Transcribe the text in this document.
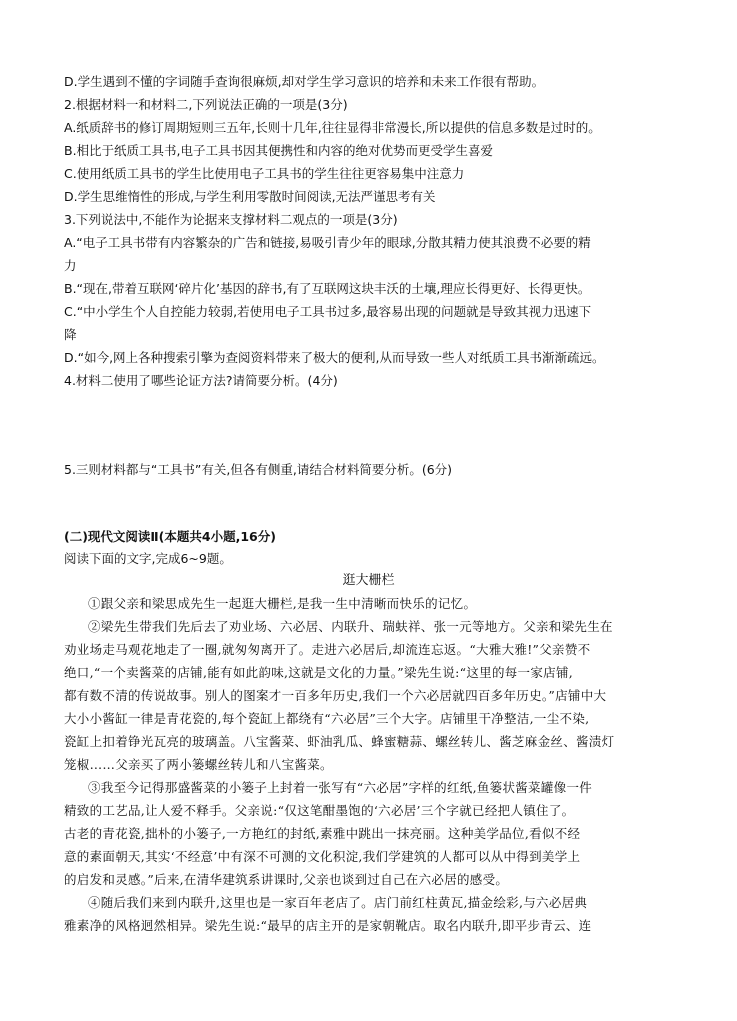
D.学生遇到不懂的字词随手查询很麻烦,却对学生学习意识的培养和未来工作很有帮助。
2.根据材料一和材料二,下列说法正确的一项是(3分)
A.纸质辞书的修订周期短则三五年,长则十几年,往往显得非常漫长,所以提供的信息多数是过时的。
B.相比于纸质工具书,电子工具书因其便携性和内容的绝对优势而更受学生喜爱
C.使用纸质工具书的学生比使用电子工具书的学生往往更容易集中注意力
D.学生思维惰性的形成,与学生利用零散时间阅读,无法严谨思考有关
3.下列说法中,不能作为论据来支撑材料二观点的一项是(3分)
A.“电子工具书带有内容繁杂的广告和链接,易吸引青少年的眼球,分散其精力使其浪费不必要的精
力
B.“现在,带着互联网‘碎片化’基因的辞书,有了互联网这块丰沃的土壤,理应长得更好、长得更快。
C.“中小学生个人自控能力较弱,若使用电子工具书过多,最容易出现的问题就是导致其视力迅速下
降
D.“如今,网上各种搜索引擎为查阅资料带来了极大的便利,从而导致一些人对纸质工具书渐渐疏远。
4.材料二使用了哪些论证方法?请简要分析。(4分)
5.三则材料都与“工具书”有关,但各有侧重,请结合材料简要分析。(6分)
(二)现代文阅读Ⅱ(本题共4小题,16分)
阅读下面的文字,完成6~9题。
逛大栅栏
①跟父亲和梁思成先生一起逛大栅栏,是我一生中清晰而快乐的记忆。
②梁先生带我们先后去了劝业场、六必居、内联升、瑞蚨祥、张一元等地方。父亲和梁先生在
劝业场走马观花地走了一圈,就匆匆离开了。走进六必居后,却流连忘返。“大雅大雅!”父亲赞不
绝口,“一个卖酱菜的店铺,能有如此韵味,这就是文化的力量。”梁先生说:“这里的每一家店铺,
都有数不清的传说故事。别人的图案才一百多年历史,我们一个六必居就四百多年历史。”店铺中大
大小小酱缸一律是青花瓷的,每个瓷缸上都绕有“六必居”三个大字。店铺里干净整洁,一尘不染,
瓷缸上扣着铮光瓦亮的玻璃盖。八宝酱菜、虾油乳瓜、蜂蜜糖蒜、螺丝转儿、酱芝麻金丝、酱渍灯
笼椒……父亲买了两小篓螺丝转儿和八宝酱菜。
③我至今记得那盛酱菜的小篓子上封着一张写有“六必居”字样的红纸,鱼篓状酱菜罐像一件
精致的工艺品,让人爱不释手。父亲说:“仅这笔酣墨饱的‘六必居’三个字就已经把人镇住了。
古老的青花瓷,拙朴的小篓子,一方艳红的封纸,素雅中跳出一抹亮丽。这种美学品位,看似不经
意的素面朝天,其实‘不经意’中有深不可测的文化积淀,我们学建筑的人都可以从中得到美学上
的启发和灵感。”后来,在清华建筑系讲课时,父亲也谈到过自己在六必居的感受。
④随后我们来到内联升,这里也是一家百年老店了。店门前红柱黄瓦,描金绘彩,与六必居典
雅素净的风格迥然相异。梁先生说:“最早的店主开的是家朝靴店。取名内联升,即平步青云、连
